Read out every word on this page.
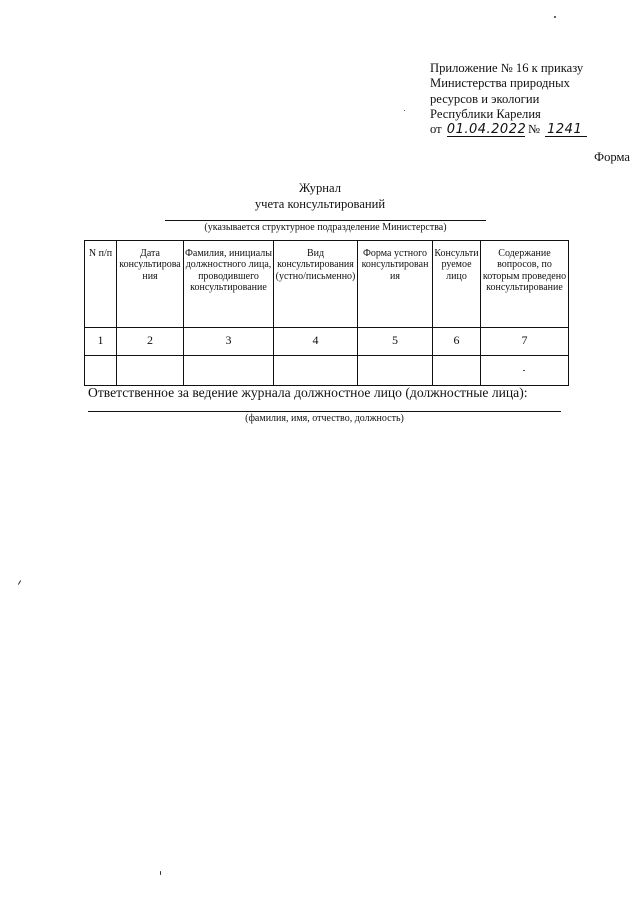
Приложение № 16 к приказу
Министерства природных
ресурсов и экологии
Республики Карелия
от 01.04.2022 № 1241
Форма
Журнал
учета консультирований
(указывается структурное подразделение Министерства)
N п/п	Дата консультирования	Фамилия, инициалы должностного лица, проводившего консультирование	Вид консультирования (устно/письменно)	Форма устного консультирования	Консультируемое лицо	Содержание вопросов, по которым проведено консультирование
1	2	3	4	5	6	7

Ответственное за ведение журнала должностное лицо (должностные лица):
(фамилия, имя, отчество, должность)
